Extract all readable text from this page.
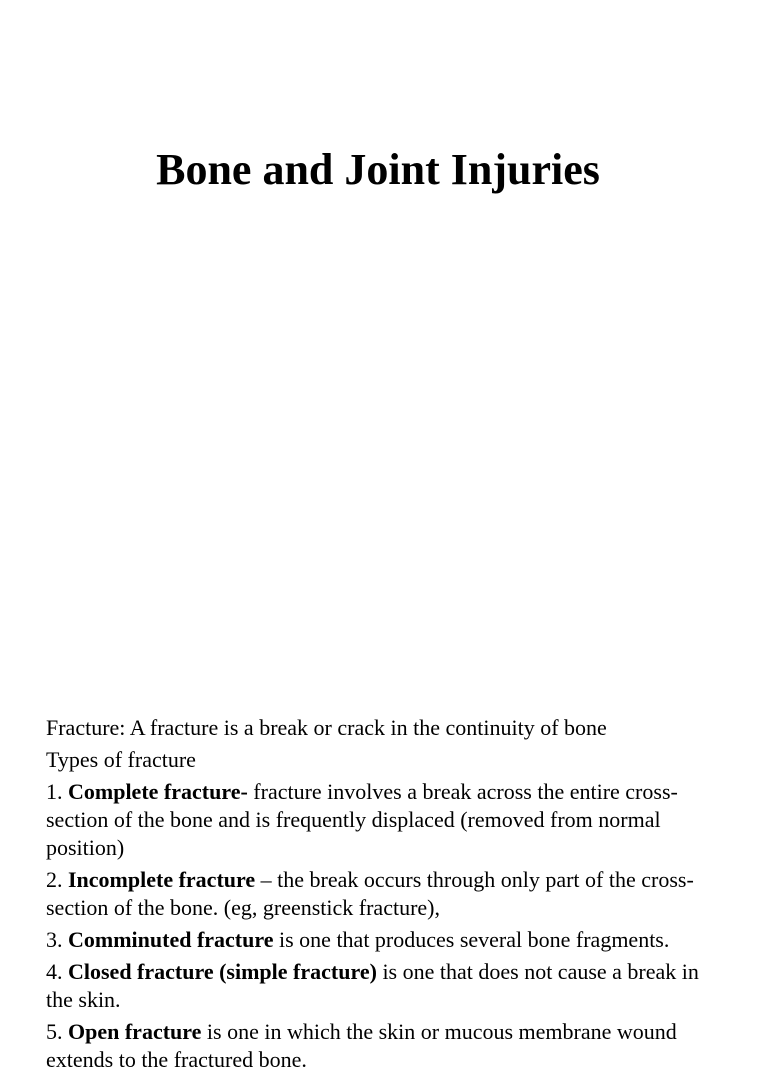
Bone and Joint Injuries

Fracture: A fracture is a break or crack in the continuity of bone

Types of fracture

1. Complete fracture- fracture involves a break across the entire cross-section of the bone and is frequently displaced (removed from normal position)

2. Incomplete fracture – the break occurs through only part of the cross-section of the bone. (eg, greenstick fracture),

3. Comminuted fracture is one that produces several bone fragments.

4. Closed fracture (simple fracture) is one that does not cause a break in the skin.

5. Open fracture is one in which the skin or mucous membrane wound extends to the fractured bone.
